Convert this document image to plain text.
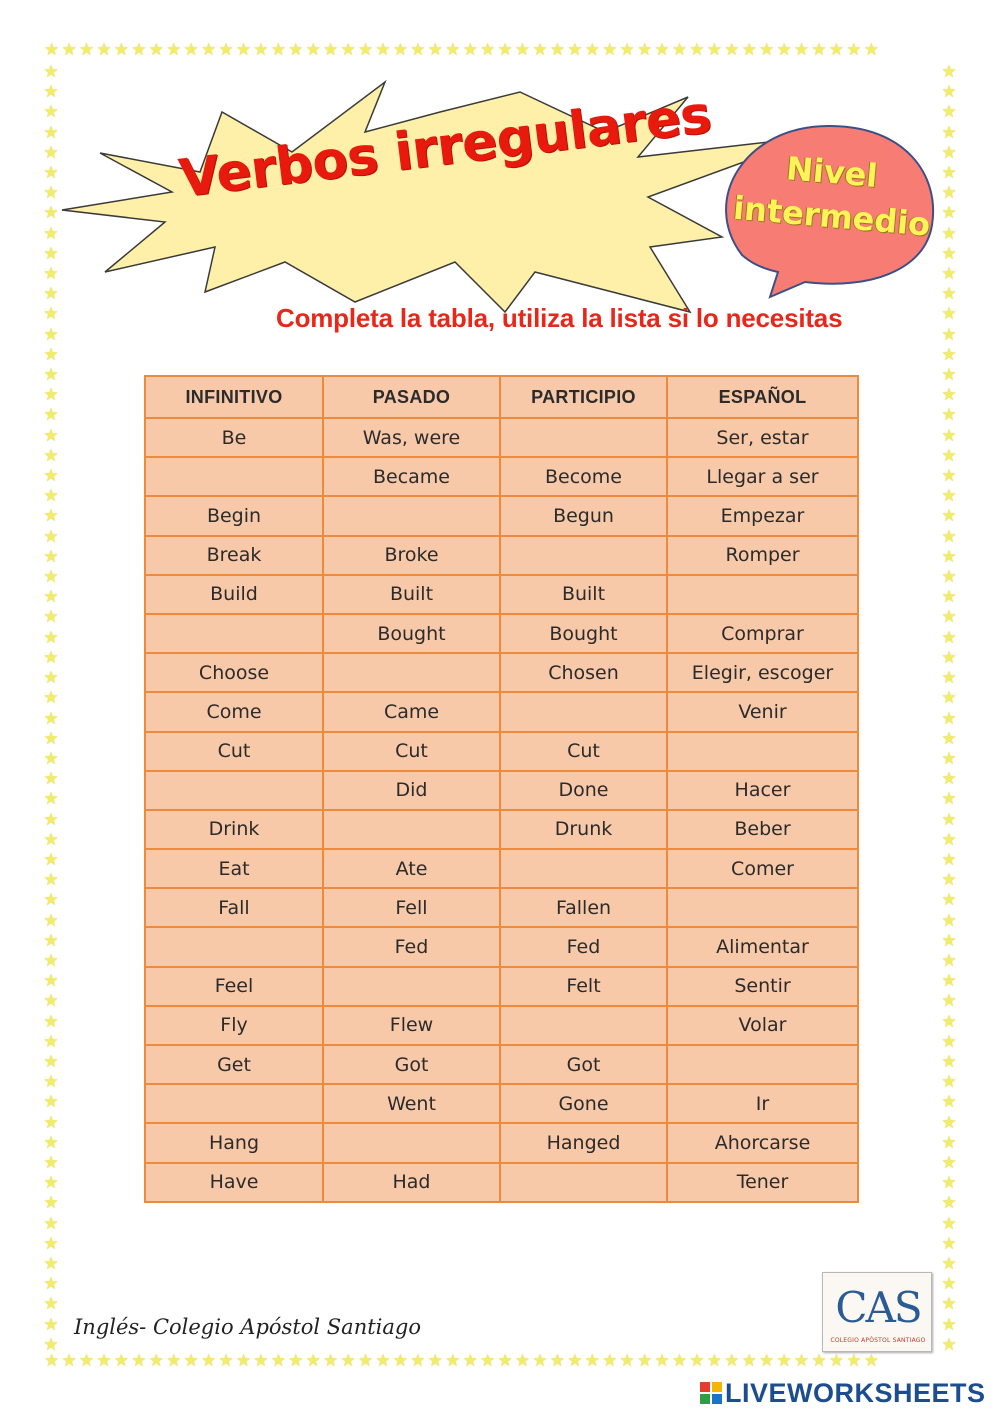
★★★★★★★★★★★★★★★★★★★★★★★★★★★★★★★★★★★★★★★★★★★★★★★★
★★★★★★★★★★★★★★★★★★★★★★★★★★★★★★★★★★★★★★★★★★★★★★★★
★ ★ ★ ★ ★ ★ ★ ★ ★ ★ ★ ★ ★ ★ ★ ★ ★ ★ ★ ★ ★ ★ ★ ★ ★ ★ ★ ★ ★ ★ ★ ★ ★ ★ ★ ★ ★ ★ ★ ★ ★ ★ ★ ★ ★ ★ ★ ★ ★ ★ ★ ★ ★ ★ ★ ★ ★ ★ ★ ★ ★ ★ ★ ★
★ ★ ★ ★ ★ ★ ★ ★ ★ ★ ★ ★ ★ ★ ★ ★ ★ ★ ★ ★ ★ ★ ★ ★ ★ ★ ★ ★ ★ ★ ★ ★ ★ ★ ★ ★ ★ ★ ★ ★ ★ ★ ★ ★ ★ ★ ★ ★ ★ ★ ★ ★ ★ ★ ★ ★ ★ ★ ★ ★ ★ ★ ★ ★
Verbos irregulares	Nivel intermedio
Completa la tabla, utiliza la lista si lo necesitas
INFINITIVO	PASADO	PARTICIPIO	ESPAÑOL
Be	Was, were		Ser, estar
	Became	Become	Llegar a ser
Begin		Begun	Empezar
Break	Broke		Romper
Build	Built	Built	
	Bought	Bought	Comprar
Choose		Chosen	Elegir, escoger
Come	Came		Venir
Cut	Cut	Cut	
	Did	Done	Hacer
Drink		Drunk	Beber
Eat	Ate		Comer
Fall	Fell	Fallen	
	Fed	Fed	Alimentar
Feel		Felt	Sentir
Fly	Flew		Volar
Get	Got	Got	
	Went	Gone	Ir
Hang		Hanged	Ahorcarse
Have	Had		Tener
Inglés- Colegio Apóstol Santiago	CAS
COLEGIO APÓSTOL SANTIAGO
LIVEWORKSHEETS
